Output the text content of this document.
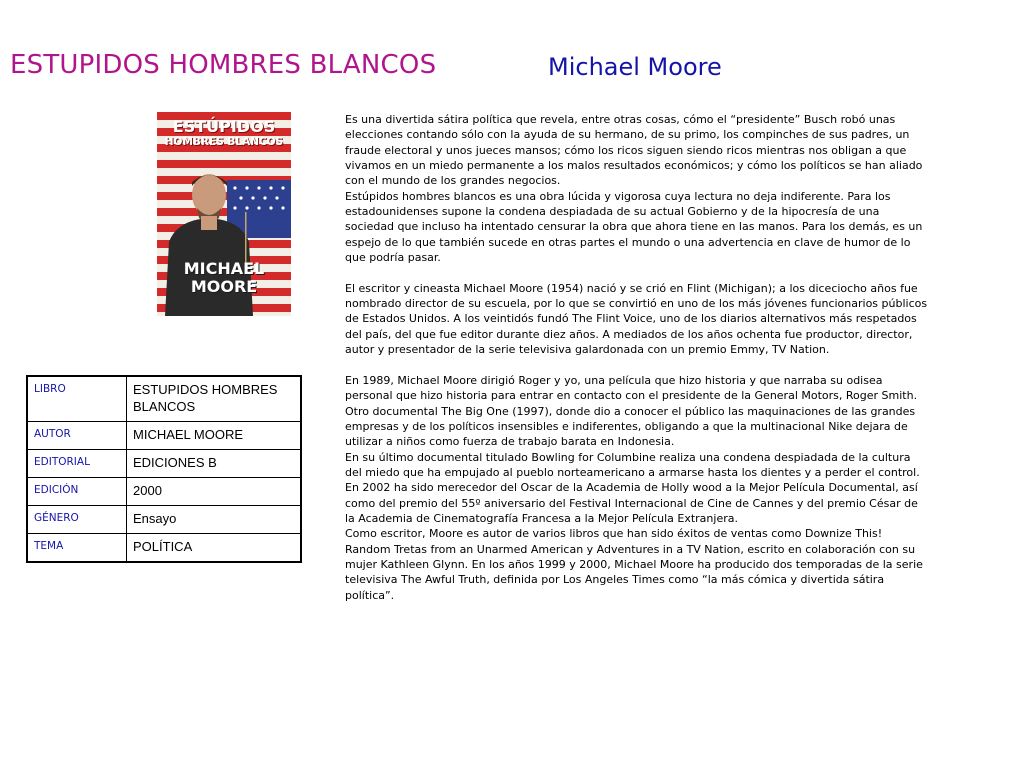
ESTUPIDOS HOMBRES BLANCOS	Michael Moore
ESTÚPIDOS
HOMBRES BLANCOS
MICHAEL
MOORE
LIBRO	ESTUPIDOS HOMBRES BLANCOS
AUTOR	MICHAEL MOORE
EDITORIAL	EDICIONES B
EDICIÓN	2000
GÉNERO	Ensayo
TEMA	POLÍTICA

Es una divertida sátira política que revela, entre otras cosas, cómo el “presidente” Busch robó unas elecciones contando sólo con la ayuda de su hermano, de su primo, los compinches de sus padres, un fraude electoral y unos jueces mansos; cómo los ricos siguen siendo ricos mientras nos obligan a que vivamos en un miedo permanente a los malos resultados económicos; y cómo los políticos se han aliado con el mundo de los grandes negocios.

Estúpidos hombres blancos es una obra lúcida y vigorosa cuya lectura no deja indiferente. Para los estadounidenses supone la condena despiadada de su actual Gobierno y de la hipocresía de una sociedad que incluso ha intentado censurar la obra que ahora tiene en las manos. Para los demás, es un espejo de lo que también sucede en otras partes el mundo o una advertencia en clave de humor de lo que podría pasar.

El escritor y cineasta Michael Moore (1954) nació y se crió en Flint (Michigan); a los diceciocho años fue nombrado director de su escuela, por lo que se convirtió en uno de los más jóvenes funcionarios públicos de Estados Unidos. A los veintidós fundó The Flint Voice, uno de los diarios alternativos más respetados del país, del que fue editor durante diez años. A mediados de los años ochenta fue productor, director, autor y presentador de la serie televisiva galardonada con un premio Emmy, TV Nation.

En 1989, Michael Moore dirigió Roger y yo, una película que hizo historia y que narraba su odisea personal que hizo historia para entrar en contacto con el presidente de la General Motors, Roger Smith. Otro documental The Big One (1997), donde dio a conocer el público las maquinaciones de las grandes empresas y de los políticos insensibles e indiferentes, obligando a que la multinacional Nike dejara de utilizar a niños como fuerza de trabajo barata en Indonesia.

En su último documental titulado Bowling for Columbine realiza una condena despiadada de la cultura del miedo que ha empujado al pueblo norteamericano a armarse hasta los dientes y a perder el control. En 2002 ha sido merecedor del Oscar de la Academia de Holly wood a la Mejor Película Documental, así como del premio del 55º aniversario del Festival Internacional de Cine de Cannes y del premio César de la Academia de Cinematografía Francesa a la Mejor Película Extranjera.

Como escritor, Moore es autor de varios libros que han sido éxitos de ventas como Downize This! Random Tretas from an Unarmed American y Adventures in a TV Nation, escrito en colaboración con su mujer Kathleen Glynn. En los años 1999 y 2000, Michael Moore ha producido dos temporadas de la serie televisiva The Awful Truth, definida por Los Angeles Times como “la más cómica y divertida sátira política”.
